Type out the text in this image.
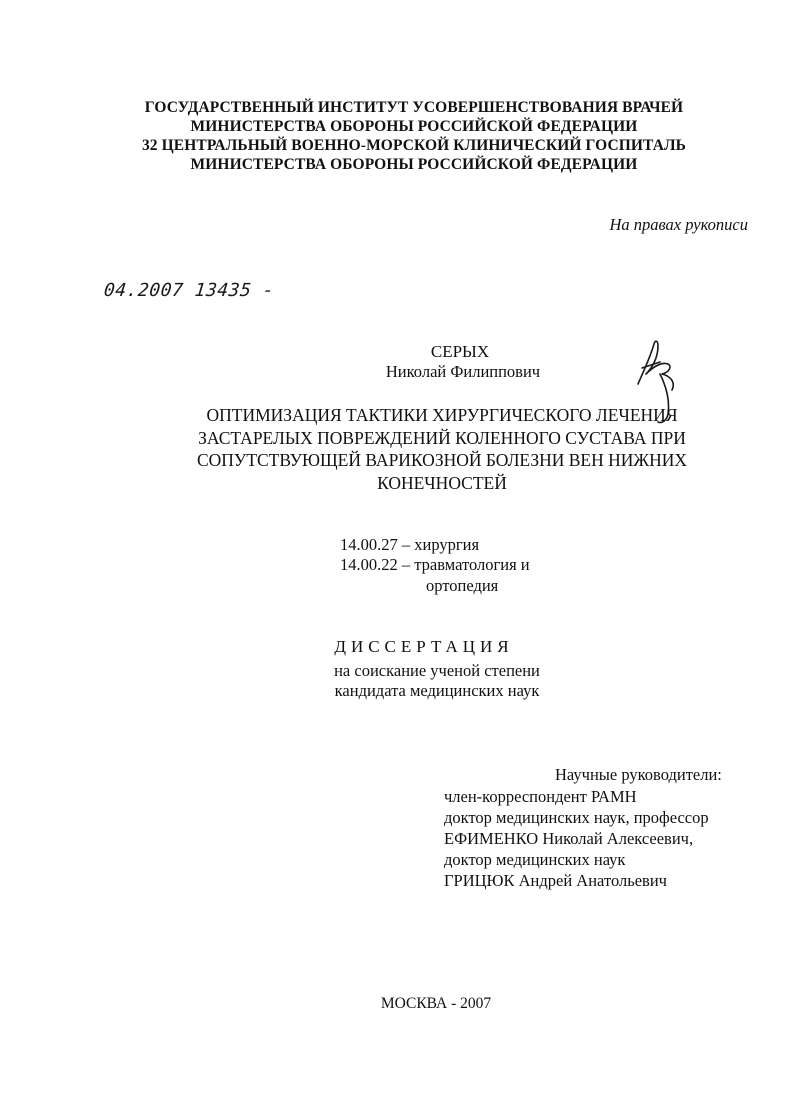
ГОСУДАРСТВЕННЫЙ ИНСТИТУТ УСОВЕРШЕНСТВОВАНИЯ ВРАЧЕЙ
МИНИСТЕРСТВА ОБОРОНЫ РОССИЙСКОЙ ФЕДЕРАЦИИ
32 ЦЕНТРАЛЬНЫЙ ВОЕННО-МОРСКОЙ КЛИНИЧЕСКИЙ ГОСПИТАЛЬ
МИНИСТЕРСТВА ОБОРОНЫ РОССИЙСКОЙ ФЕДЕРАЦИИ
На правах рукописи
04.2007 13435 -
СЕРЫХ
Николай Филиппович
ОПТИМИЗАЦИЯ ТАКТИКИ ХИРУРГИЧЕСКОГО ЛЕЧЕНИЯ
ЗАСТАРЕЛЫХ ПОВРЕЖДЕНИЙ КОЛЕННОГО СУСТАВА ПРИ
СОПУТСТВУЮЩЕЙ ВАРИКОЗНОЙ БОЛЕЗНИ ВЕН НИЖНИХ
КОНЕЧНОСТЕЙ
14.00.27 – хирургия
14.00.22 – травматология и
ортопедия
ДИССЕРТАЦИЯ
на соискание ученой степени
кандидата медицинских наук
Научные руководители:
член-корреспондент РАМН
доктор медицинских наук, профессор
ЕФИМЕНКО Николай Алексеевич,
доктор медицинских наук
ГРИЦЮК Андрей Анатольевич
МОСКВА - 2007
